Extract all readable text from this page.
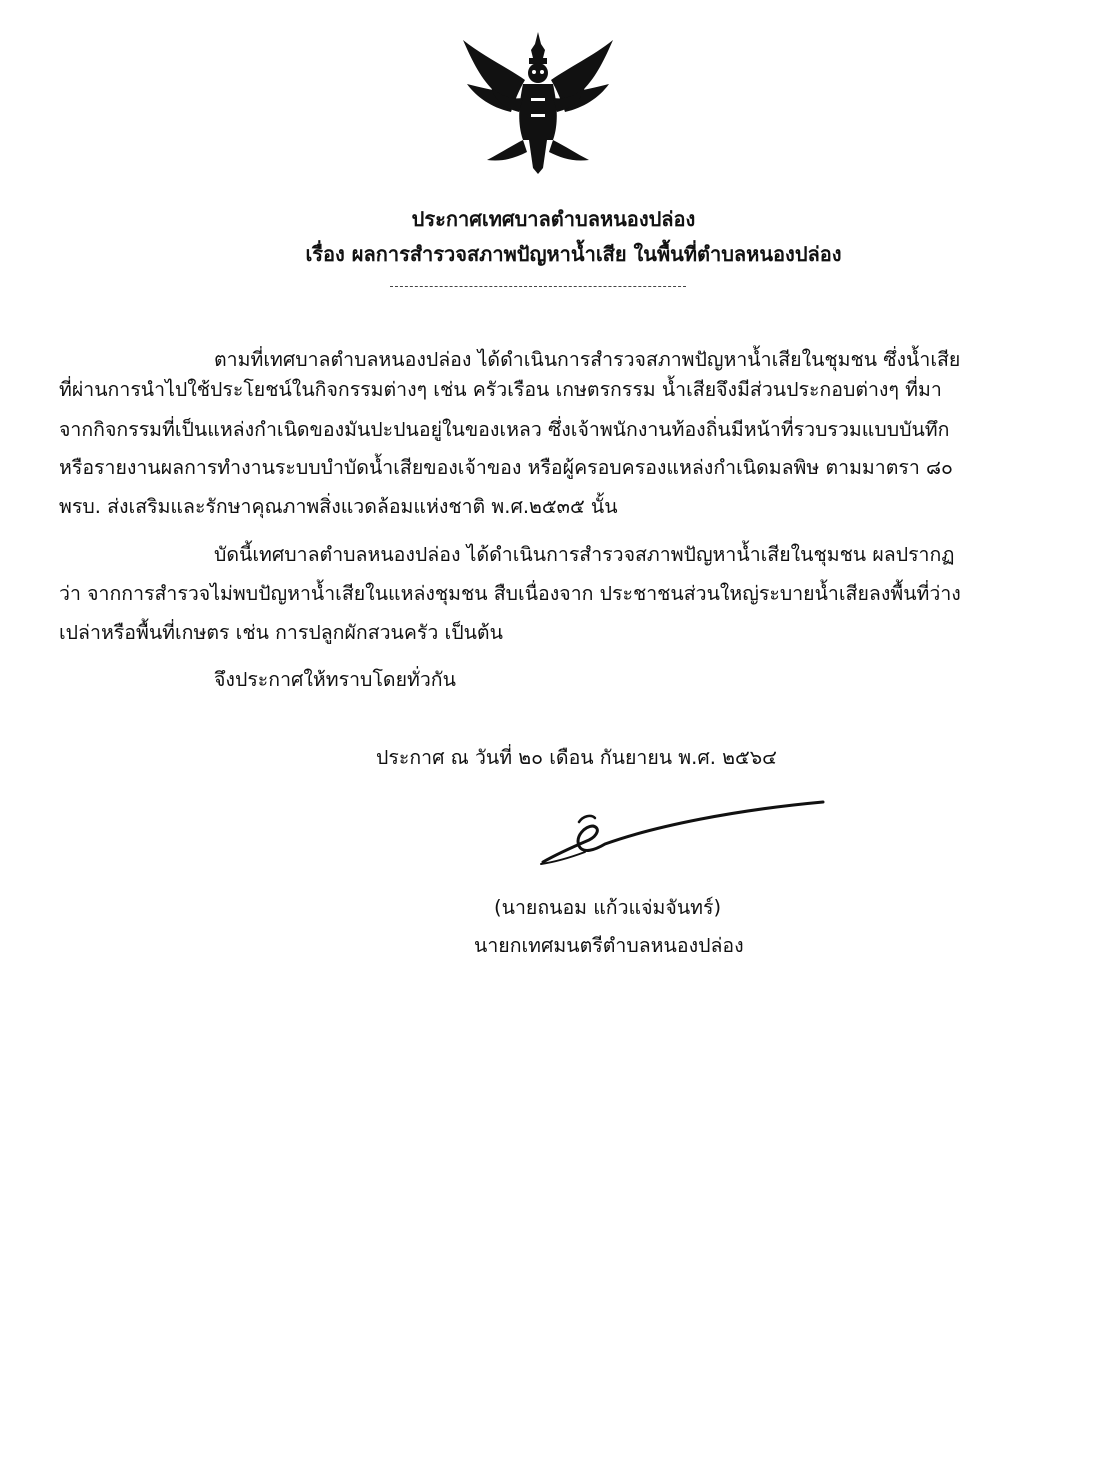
ประกาศเทศบาลตำบลหนองปล่อง
เรื่อง ผลการสำรวจสภาพปัญหาน้ำเสีย ในพื้นที่ตำบลหนองปล่อง
ตามที่เทศบาลตำบลหนองปล่อง ได้ดำเนินการสำรวจสภาพปัญหาน้ำเสียในชุมชน ซึ่งน้ำเสีย
ที่ผ่านการนำไปใช้ประโยชน์ในกิจกรรมต่างๆ เช่น ครัวเรือน เกษตรกรรม น้ำเสียจึงมีส่วนประกอบต่างๆ ที่มา
จากกิจกรรมที่เป็นแหล่งกำเนิดของมันปะปนอยู่ในของเหลว ซึ่งเจ้าพนักงานท้องถิ่นมีหน้าที่รวบรวมแบบบันทึก
หรือรายงานผลการทำงานระบบบำบัดน้ำเสียของเจ้าของ หรือผู้ครอบครองแหล่งกำเนิดมลพิษ ตามมาตรา ๘๐
พรบ. ส่งเสริมและรักษาคุณภาพสิ่งแวดล้อมแห่งชาติ พ.ศ.๒๕๓๕ นั้น
บัดนี้เทศบาลตำบลหนองปล่อง ได้ดำเนินการสำรวจสภาพปัญหาน้ำเสียในชุมชน ผลปรากฏ
ว่า จากการสำรวจไม่พบปัญหาน้ำเสียในแหล่งชุมชน สืบเนื่องจาก ประชาชนส่วนใหญ่ระบายน้ำเสียลงพื้นที่ว่าง
เปล่าหรือพื้นที่เกษตร เช่น การปลูกผักสวนครัว เป็นต้น
จึงประกาศให้ทราบโดยทั่วกัน
ประกาศ ณ วันที่ ๒๐ เดือน กันยายน พ.ศ. ๒๕๖๔
(นายถนอม แก้วแจ่มจันทร์)
นายกเทศมนตรีตำบลหนองปล่อง
